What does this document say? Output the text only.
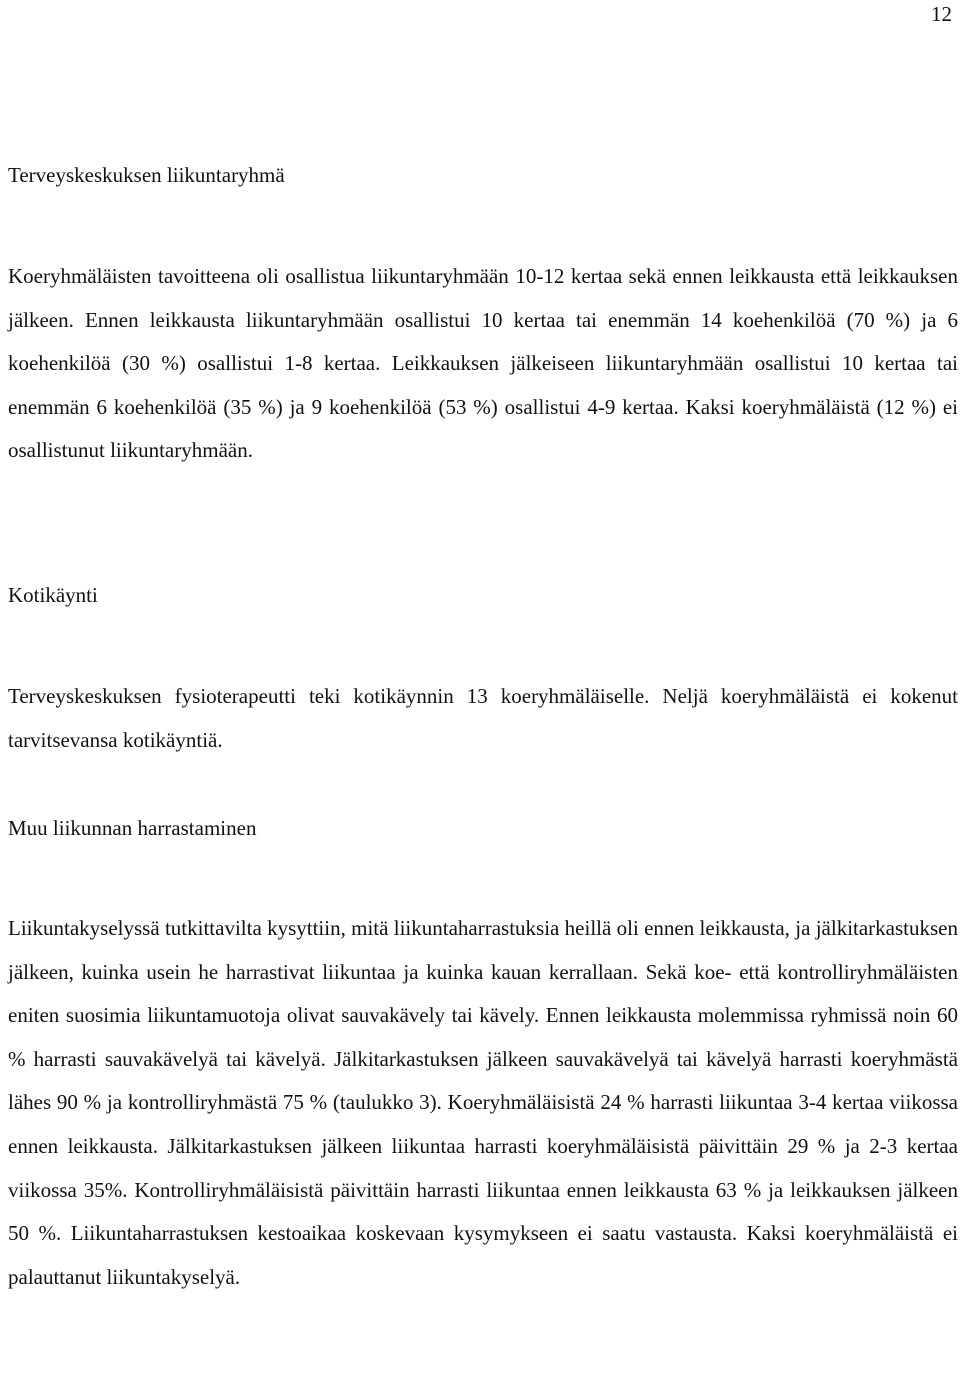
12
Terveyskeskuksen liikuntaryhmä

Koeryhmäläisten tavoitteena oli osallistua liikuntaryhmään 10-12 kertaa sekä ennen leikkausta että leikkauksen jälkeen. Ennen leikkausta liikuntaryhmään osallistui 10 kertaa tai enemmän 14 koehenkilöä (70 %) ja 6 koehenkilöä (30 %) osallistui 1-8 kertaa. Leikkauksen jälkeiseen liikuntaryhmään osallistui 10 kertaa tai enemmän 6 koehenkilöä (35 %) ja 9 koehenkilöä (53 %) osallistui 4-9 kertaa. Kaksi koeryhmäläistä (12 %) ei osallistunut liikuntaryhmään.

Kotikäynti

Terveyskeskuksen fysioterapeutti teki kotikäynnin 13 koeryhmäläiselle. Neljä koeryhmäläistä ei kokenut tarvitsevansa kotikäyntiä.

Muu liikunnan harrastaminen

Liikuntakyselyssä tutkittavilta kysyttiin, mitä liikuntaharrastuksia heillä oli ennen leikkausta, ja jälkitarkastuksen jälkeen, kuinka usein he harrastivat liikuntaa ja kuinka kauan kerrallaan. Sekä koe- että kontrolliryhmäläisten eniten suosimia liikuntamuotoja olivat sauvakävely tai kävely. Ennen leikkausta molemmissa ryhmissä noin 60 % harrasti sauvakävelyä tai kävelyä. Jälkitarkastuksen jälkeen sauvakävelyä tai kävelyä harrasti koeryhmästä lähes 90 % ja kontrolliryhmästä 75 % (taulukko 3). Koeryhmäläisistä 24 % harrasti liikuntaa 3-4 kertaa viikossa ennen leikkausta. Jälkitarkastuksen jälkeen liikuntaa harrasti koeryhmäläisistä päivittäin 29 % ja 2-3 kertaa viikossa 35%. Kontrolliryhmäläisistä päivittäin harrasti liikuntaa ennen leikkausta 63 % ja leikkauksen jälkeen 50 %. Liikuntaharrastuksen kestoaikaa koskevaan kysymykseen ei saatu vastausta. Kaksi koeryhmäläistä ei palauttanut liikuntakyselyä.
